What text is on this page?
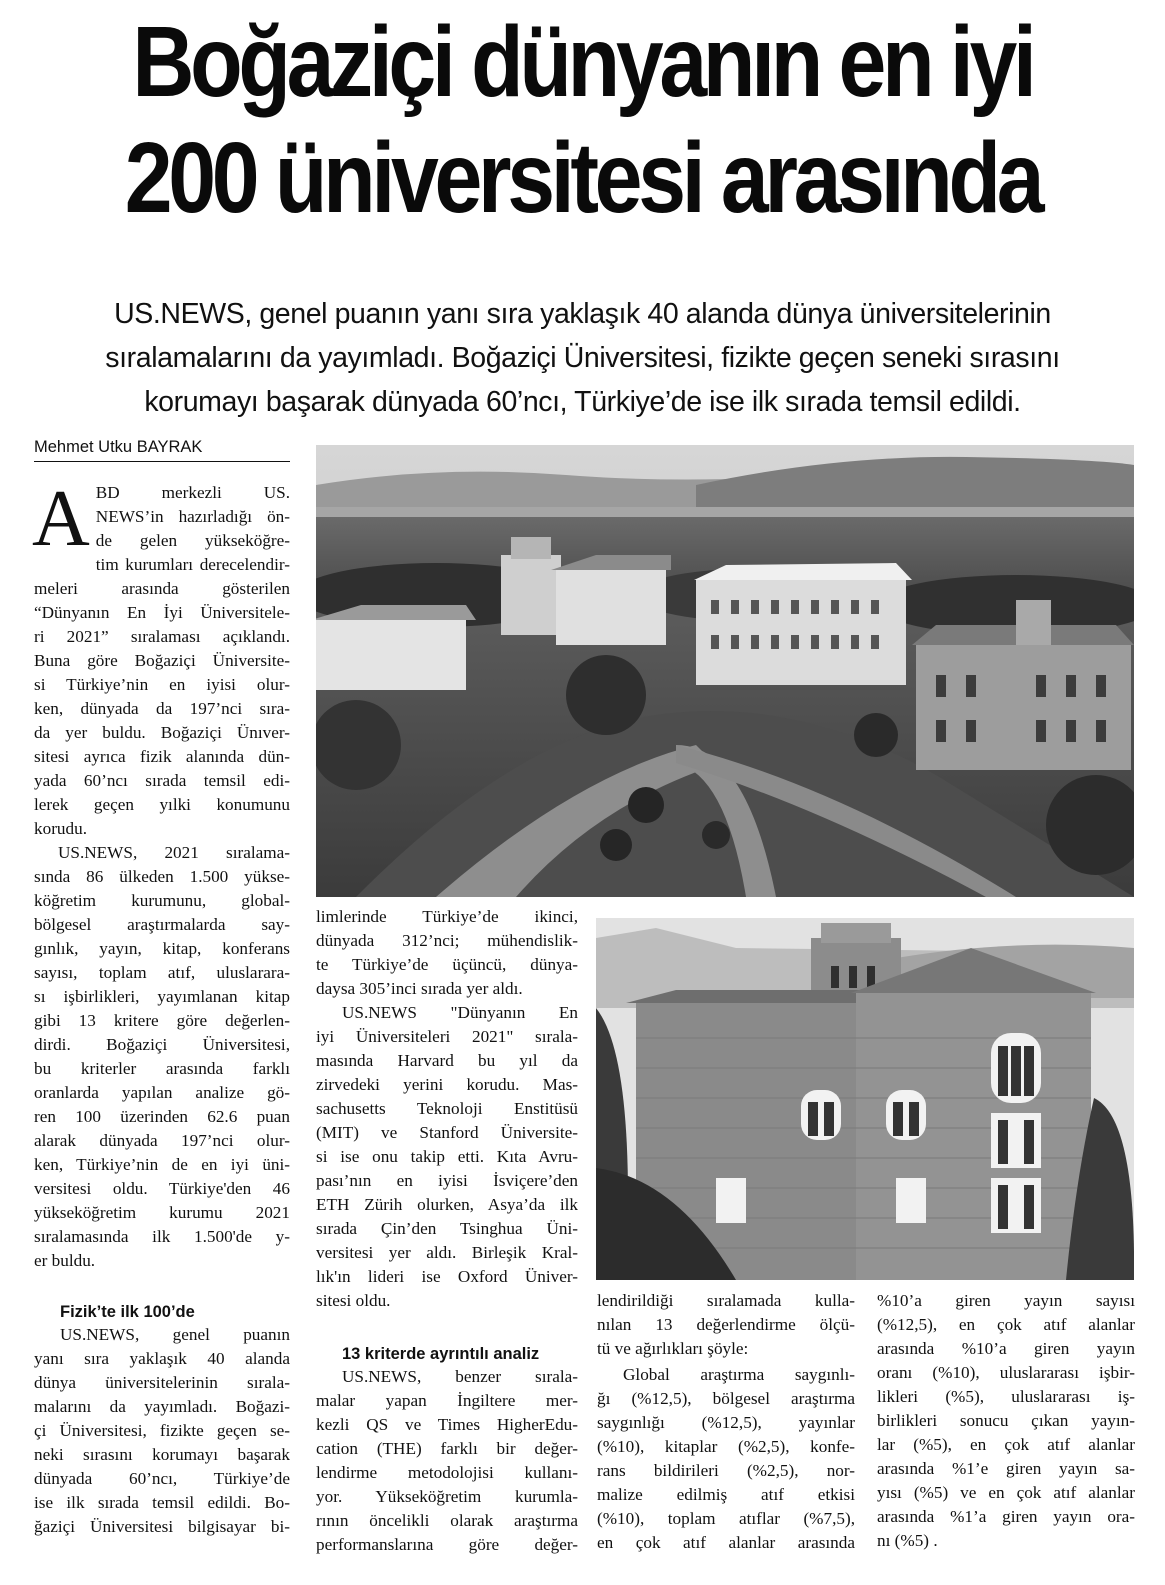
Boğaziçi dünyanın en iyi
200 üniversitesi arasında
US.NEWS, genel puanın yanı sıra yaklaşık 40 alanda dünya üniversitelerinin
sıralamalarını da yayımladı. Boğaziçi Üniversitesi, fizikte geçen seneki sırasını
korumayı başarak dünyada 60’ncı, Türkiye’de ise ilk sırada temsil edildi.
Mehmet Utku BAYRAK
A BD merkezli US.
NEWS’in hazırladığı ön-
de gelen yükseköğre-
tim kurumları derecelendir-
meleri arasında gösterilen
“Dünyanın En İyi Üniversitele-
ri 2021” sıralaması açıklandı.
Buna göre Boğaziçi Üniversite-
si Türkiye’nin en iyisi olur-
ken, dünyada da 197’nci sıra-
da yer buldu. Boğaziçi Ünıver-
sitesi ayrıca fizik alanında dün-
yada 60’ncı sırada temsil edi-
lerek geçen yılki konumunu
korudu.
US.NEWS, 2021 sıralama-
sında 86 ülkeden 1.500 yükse-
köğretim kurumunu, global-
bölgesel araştırmalarda say-
gınlık, yayın, kitap, konferans
sayısı, toplam atıf, uluslarara-
sı işbirlikleri, yayımlanan kitap
gibi 13 kritere göre değerlen-
dirdi. Boğaziçi Üniversitesi,
bu kriterler arasında farklı
oranlarda yapılan analize gö-
ren 100 üzerinden 62.6 puan
alarak dünyada 197’nci olur-
ken, Türkiye’nin de en iyi üni-
versitesi oldu. Türkiye'den 46
yükseköğretim kurumu 2021
sıralamasında ilk 1.500'de y-
er buldu.
Fizik’te ilk 100’de
US.NEWS, genel puanın
yanı sıra yaklaşık 40 alanda
dünya üniversitelerinin sırala-
malarını da yayımladı. Boğazi-
çi Üniversitesi, fizikte geçen se-
neki sırasını korumayı başarak
dünyada 60’ncı, Türkiye’de
ise ilk sırada temsil edildi. Bo-
ğaziçi Üniversitesi bilgisayar bi-
limlerinde Türkiye’de ikinci,
dünyada 312’nci; mühendislik-
te Türkiye’de üçüncü, dünya-
daysa 305’inci sırada yer aldı.
US.NEWS "Dünyanın En
iyi Üniversiteleri 2021" sırala-
masında Harvard bu yıl da
zirvedeki yerini korudu. Mas-
sachusetts Teknoloji Enstitüsü
(MIT) ve Stanford Üniversite-
si ise onu takip etti. Kıta Avru-
pası’nın en iyisi İsviçere’den
ETH Zürih olurken, Asya’da ilk
sırada Çin’den Tsinghua Üni-
versitesi yer aldı. Birleşik Kral-
lık'ın lideri ise Oxford Üniver-
sitesi oldu.
13 kriterde ayrıntılı analiz
US.NEWS, benzer sırala-
malar yapan İngiltere mer-
kezli QS ve Times HigherEdu-
cation (THE) farklı bir değer-
lendirme metodolojisi kullanı-
yor. Yükseköğretim kurumla-
rının öncelikli olarak araştırma
performanslarına göre değer-
lendirildiği sıralamada kulla-
nılan 13 değerlendirme ölçü-
tü ve ağırlıkları şöyle:
Global araştırma saygınlı-
ğı (%12,5), bölgesel araştırma
saygınlığı (%12,5), yayınlar
(%10), kitaplar (%2,5), konfe-
rans bildirileri (%2,5), nor-
malize edilmiş atıf etkisi
(%10), toplam atıflar (%7,5),
en çok atıf alanlar arasında
%10’a giren yayın sayısı
(%12,5), en çok atıf alanlar
arasında %10’a giren yayın
oranı (%10), uluslararası işbir-
likleri (%5), uluslararası iş-
birlikleri sonucu çıkan yayın-
lar (%5), en çok atıf alanlar
arasında %1’e giren yayın sa-
yısı (%5) ve en çok atıf alanlar
arasında %1’a giren yayın ora-
nı (%5) .
